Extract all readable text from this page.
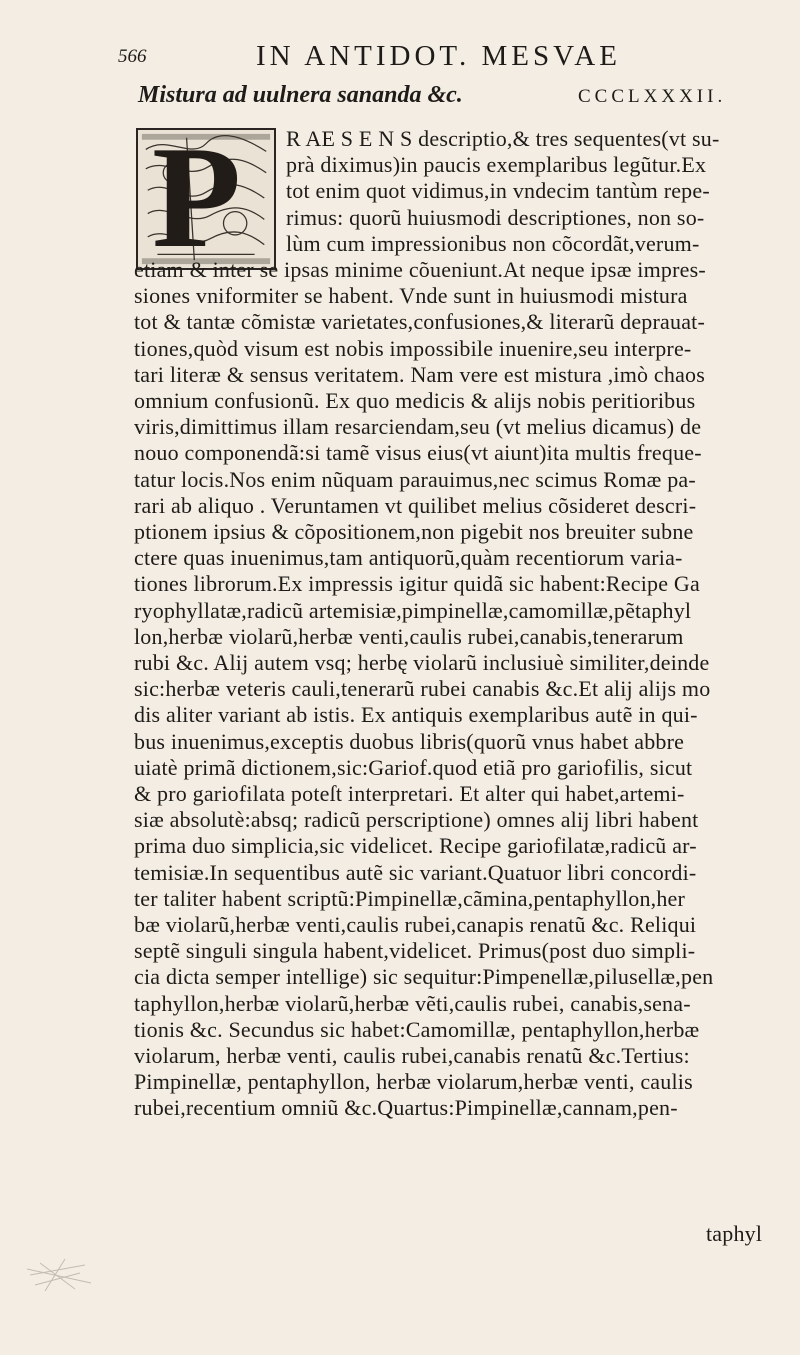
566	IN ANTIDOT. MESVAE
Mistura ad uulnera sananda &c.	CCCLXXXII.
P R AE S E N S descriptio,& tres sequentes(vt su-
prà diximus)in paucis exemplaribus legũtur.Ex
tot enim quot vidimus,in vndecim tantùm repe-
rimus: quorũ huiusmodi descriptiones, non so-
lùm cum impressionibus non cõcordãt,verum-
etiam & inter se ipsas minime cõueniunt.At neque ipsæ impres-
siones vniformiter se habent. Vnde sunt in huiusmodi mistura
tot & tantæ cõmistæ varietates,confusiones,& literarũ deprauat-
tiones,quòd visum est nobis impossibile inuenire,seu interpre-
tari literæ & sensus veritatem. Nam vere est mistura ,imò chaos
omnium confusionũ. Ex quo medicis & alijs nobis peritioribus
viris,dimittimus illam resarciendam,seu (vt melius dicamus) de
nouo componendã:si tamẽ visus eius(vt aiunt)ita multis freque-
tatur locis.Nos enim nũquam parauimus,nec scimus Romæ pa-
rari ab aliquo . Veruntamen vt quilibet melius cõsideret descri-
ptionem ipsius & cõpositionem,non pigebit nos breuiter subne
ctere quas inuenimus,tam antiquorũ,quàm recentiorum varia-
tiones librorum.Ex impressis igitur quidã sic habent:Recipe Ga
ryophyllatæ,radicũ artemisiæ,pimpinellæ,camomillæ,pẽtaphyl
lon,herbæ violarũ,herbæ venti,caulis rubei,canabis,tenerarum
rubi &c. Alij autem vsq; herbę violarũ inclusiuè similiter,deinde
sic:herbæ veteris cauli,tenerarũ rubei canabis &c.Et alij alijs mo
dis aliter variant ab istis. Ex antiquis exemplaribus autẽ in qui-
bus inuenimus,exceptis duobus libris(quorũ vnus habet abbre
uiatè primã dictionem,sic:Gariof.quod etiã pro gariofilis, sicut
& pro gariofilata poteſt interpretari. Et alter qui habet,artemi-
siæ absolutè:absq; radicũ perscriptione) omnes alij libri habent
prima duo simplicia,sic videlicet. Recipe gariofilatæ,radicũ ar-
temisiæ.In sequentibus autẽ sic variant.Quatuor libri concordi-
ter taliter habent scriptũ:Pimpinellæ,cãmina,pentaphyllon,her
bæ violarũ,herbæ venti,caulis rubei,canapis renatũ &c. Reliqui
septẽ singuli singula habent,videlicet. Primus(post duo simpli-
cia dicta semper intellige) sic sequitur:Pimpenellæ,pilusellæ,pen
taphyllon,herbæ violarũ,herbæ vẽti,caulis rubei, canabis,sena-
tionis &c. Secundus sic habet:Camomillæ, pentaphyllon,herbæ
violarum, herbæ venti, caulis rubei,canabis renatũ &c.Tertius:
Pimpinellæ, pentaphyllon, herbæ violarum,herbæ venti, caulis
rubei,recentium omniũ &c.Quartus:Pimpinellæ,cannam,pen-
taphyl
